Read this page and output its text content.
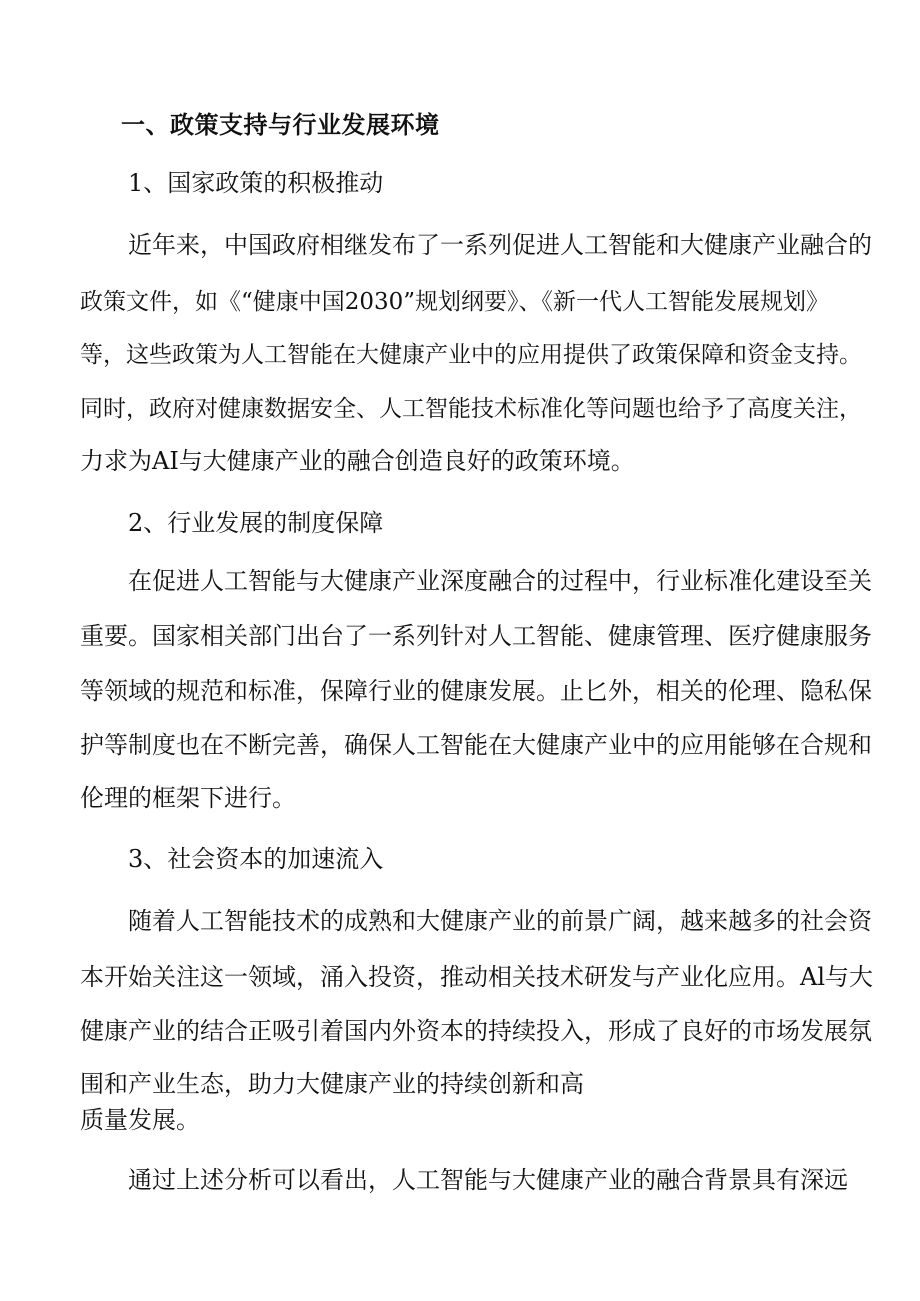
一、政策支持与行业发展环境
1、国家政策的积极推动
近年来，中国政府相继发布了一系列促进人工智能和大健康产业融合的
政策文件，如《“健康中国2030”规划纲要》、《新一代人工智能发展规划》
等，这些政策为人工智能在大健康产业中的应用提供了政策保障和资金支持。
同时，政府对健康数据安全、人工智能技术标准化等问题也给予了高度关注，
力求为AI与大健康产业的融合创造良好的政策环境。
2、行业发展的制度保障
在促进人工智能与大健康产业深度融合的过程中，行业标准化建设至关
重要。国家相关部门出台了一系列针对人工智能、健康管理、医疗健康服务
等领域的规范和标准，保障行业的健康发展。止匕外，相关的伦理、隐私保
护等制度也在不断完善，确保人工智能在大健康产业中的应用能够在合规和
伦理的框架下进行。
3、社会资本的加速流入
随着人工智能技术的成熟和大健康产业的前景广阔，越来越多的社会资
本开始关注这一领域，涌入投资，推动相关技术研发与产业化应用。Al与大
健康产业的结合正吸引着国内外资本的持续投入，形成了良好的市场发展氛
围和产业生态，助力大健康产业的持续创新和高
质量发展。
通过上述分析可以看出，人工智能与大健康产业的融合背景具有深远
